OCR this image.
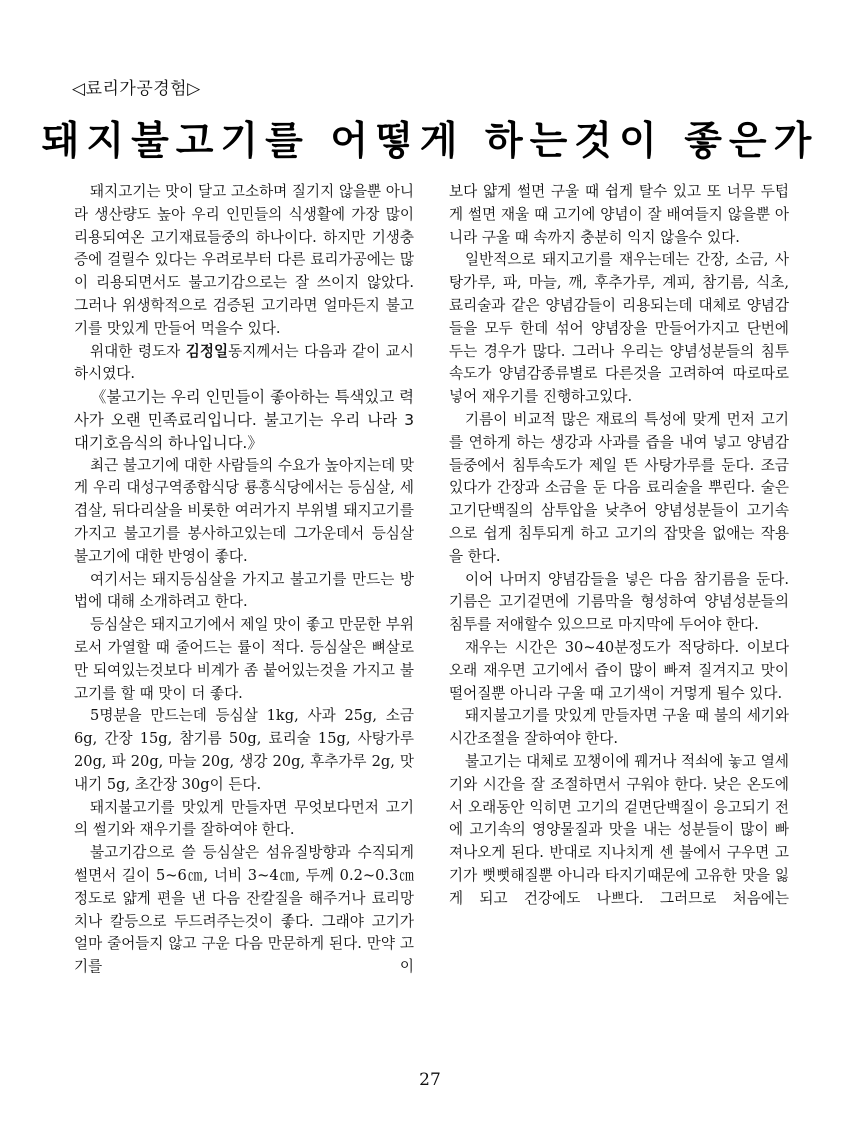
◁료리가공경험▷
돼지불고기를 어떻게 하는것이 좋은가

돼지고기는 맛이 달고 고소하며 질기지 않을뿐 아니라 생산량도 높아 우리 인민들의 식생활에 가장 많이 리용되여온 고기재료들중의 하나이다. 하지만 기생충증에 걸릴수 있다는 우려로부터 다른 료리가공에는 많이 리용되면서도 불고기감으로는 잘 쓰이지 않았다. 그러나 위생학적으로 검증된 고기라면 얼마든지 불고기를 맛있게 만들어 먹을수 있다.

위대한 령도자 김정일동지께서는 다음과 같이 교시하시였다.

《불고기는 우리 인민들이 좋아하는 특색있고 력사가 오랜 민족료리입니다. 불고기는 우리 나라 3대기호음식의 하나입니다.》

최근 불고기에 대한 사람들의 수요가 높아지는데 맞게 우리 대성구역종합식당 룡흥식당에서는 등심살, 세겹살, 뒤다리살을 비롯한 여러가지 부위별 돼지고기를 가지고 불고기를 봉사하고있는데 그가운데서 등심살불고기에 대한 반영이 좋다.

여기서는 돼지등심살을 가지고 불고기를 만드는 방법에 대해 소개하려고 한다.

등심살은 돼지고기에서 제일 맛이 좋고 만문한 부위로서 가열할 때 줄어드는 률이 적다. 등심살은 뼈살로만 되여있는것보다 비계가 좀 붙어있는것을 가지고 불고기를 할 때 맛이 더 좋다.

5명분을 만드는데 등심살 1kg, 사과 25g, 소금 6g, 간장 15g, 참기름 50g, 료리술 15g, 사탕가루 20g, 파 20g, 마늘 20g, 생강 20g, 후추가루 2g, 맛내기 5g, 초간장 30g이 든다.

돼지불고기를 맛있게 만들자면 무엇보다먼저 고기의 썰기와 재우기를 잘하여야 한다.

불고기감으로 쓸 등심살은 섬유질방향과 수직되게 썰면서 길이 5~6㎝, 너비 3~4㎝, 두께 0.2~0.3㎝정도로 얇게 편을 낸 다음 잔칼질을 해주거나 료리망치나 칼등으로 두드려주는것이 좋다. 그래야 고기가 얼마 줄어들지 않고 구운 다음 만문하게 된다. 만약 고기를 이

보다 얇게 썰면 구울 때 쉽게 탈수 있고 또 너무 두텁게 썰면 재울 때 고기에 양념이 잘 배여들지 않을뿐 아니라 구울 때 속까지 충분히 익지 않을수 있다.

일반적으로 돼지고기를 재우는데는 간장, 소금, 사탕가루, 파, 마늘, 깨, 후추가루, 계피, 참기름, 식초, 료리술과 같은 양념감들이 리용되는데 대체로 양념감들을 모두 한데 섞어 양념장을 만들어가지고 단번에 두는 경우가 많다. 그러나 우리는 양념성분들의 침투속도가 양념감종류별로 다른것을 고려하여 따로따로 넣어 재우기를 진행하고있다.

기름이 비교적 많은 재료의 특성에 맞게 먼저 고기를 연하게 하는 생강과 사과를 즙을 내여 넣고 양념감들중에서 침투속도가 제일 뜬 사탕가루를 둔다. 조금 있다가 간장과 소금을 둔 다음 료리술을 뿌린다. 술은 고기단백질의 삼투압을 낮추어 양념성분들이 고기속으로 쉽게 침투되게 하고 고기의 잡맛을 없애는 작용을 한다.

이어 나머지 양념감들을 넣은 다음 참기름을 둔다. 기름은 고기겉면에 기름막을 형성하여 양념성분들의 침투를 저애할수 있으므로 마지막에 두어야 한다.

재우는 시간은 30~40분정도가 적당하다. 이보다 오래 재우면 고기에서 즙이 많이 빠져 질겨지고 맛이 떨어질뿐 아니라 구울 때 고기색이 거멓게 될수 있다.

돼지불고기를 맛있게 만들자면 구울 때 불의 세기와 시간조절을 잘하여야 한다.

불고기는 대체로 꼬챙이에 꿰거나 적쇠에 놓고 열세기와 시간을 잘 조절하면서 구워야 한다. 낮은 온도에서 오래동안 익히면 고기의 겉면단백질이 응고되기 전에 고기속의 영양물질과 맛을 내는 성분들이 많이 빠져나오게 된다. 반대로 지나치게 센 불에서 구우면 고기가 뻣뻣해질뿐 아니라 타지기때문에 고유한 맛을 잃게 되고 건강에도 나쁘다. 그러므로 처음에는

27
